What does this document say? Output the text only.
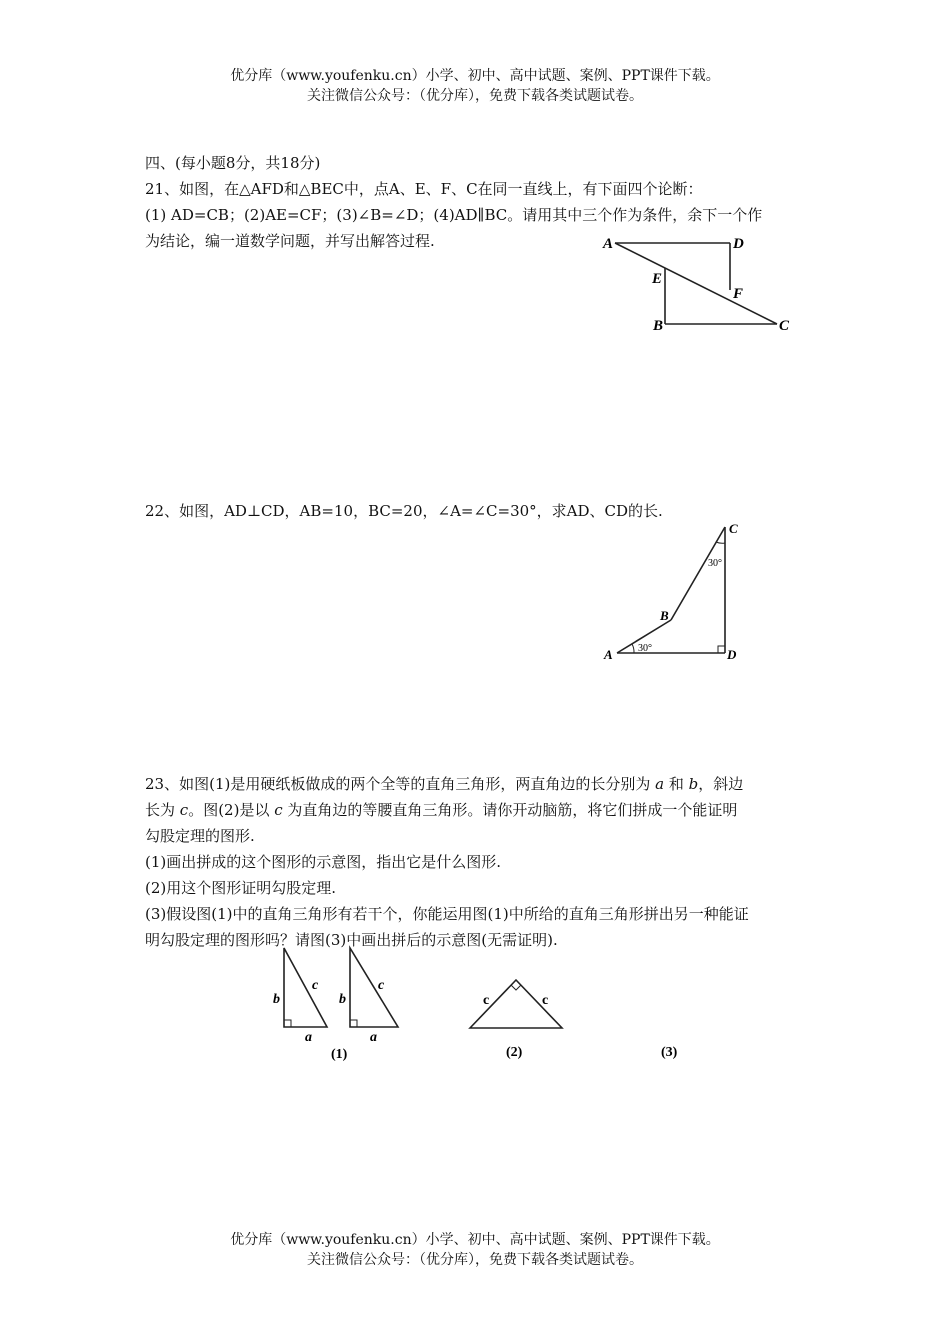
优分库（www.youfenku.cn）小学、初中、高中试题、案例、PPT课件下载。
关注微信公众号：（优分库），免费下载各类试题试卷。

四、(每小题8分，共18分)

21、如图，在△AFD和△BEC中，点A、E、F、C在同一直线上，有下面四个论断：

(1) AD=CB；(2)AE=CF；(3)∠B=∠D；(4)AD∥BC。请用其中三个作为条件，余下一个作

为结论，编一道数学问题，并写出解答过程.	A	D
E
F
B	C

22、如图，AD⊥CD，AB=10，BC=20，∠A=∠C=30°，求AD、CD的长.

C
B
A	D
30°
30°

23、如图(1)是用硬纸板做成的两个全等的直角三角形，两直角边的长分别为 a 和 b，斜边

长为 c。图(2)是以 c 为直角边的等腰直角三角形。请你开动脑筋，将它们拼成一个能证明

勾股定理的图形.

(1)画出拼成的这个图形的示意图，指出它是什么图形.

(2)用这个图形证明勾股定理.

(3)假设图(1)中的直角三角形有若干个，你能运用图(1)中所给的直角三角形拼出另一种能证

明勾股定理的图形吗？请图(3)中画出拼后的示意图(无需证明).

b
c
a
b
c
a
c	c
(1)	(2)	(3)
优分库（www.youfenku.cn）小学、初中、高中试题、案例、PPT课件下载。
关注微信公众号：（优分库），免费下载各类试题试卷。
